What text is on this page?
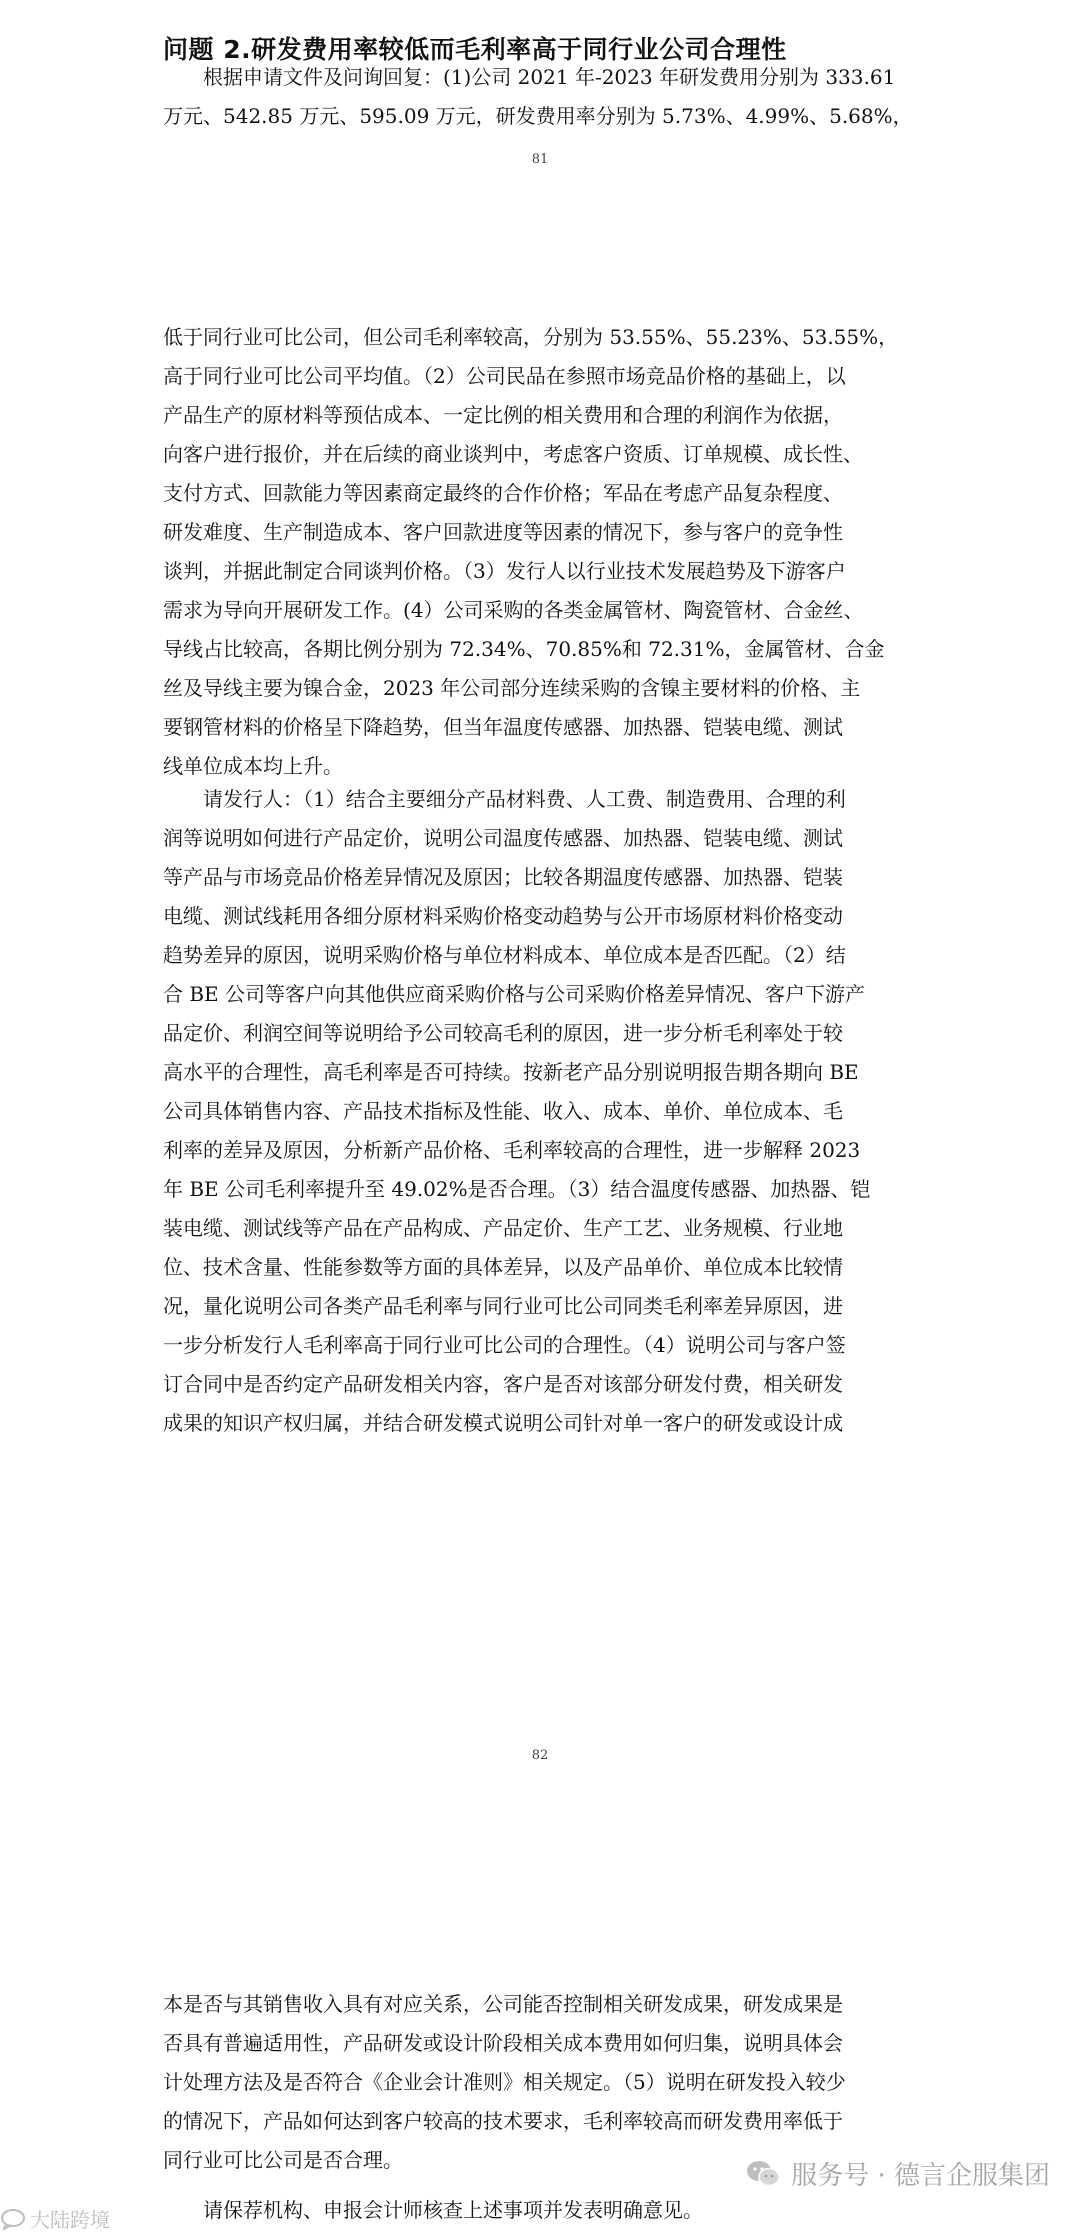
问题 2.研发费用率较低而毛利率高于同行业公司合理性
　　根据申请文件及问询回复：(1)公司 2021 年-2023 年研发费用分别为 333.61
万元、542.85 万元、595.09 万元，研发费用率分别为 5.73%、4.99%、5.68%，
81
低于同行业可比公司，但公司毛利率较高，分别为 53.55%、55.23%、53.55%，
高于同行业可比公司平均值。（2）公司民品在参照市场竞品价格的基础上，以
产品生产的原材料等预估成本、一定比例的相关费用和合理的利润作为依据，
向客户进行报价，并在后续的商业谈判中，考虑客户资质、订单规模、成长性、
支付方式、回款能力等因素商定最终的合作价格；军品在考虑产品复杂程度、
研发难度、生产制造成本、客户回款进度等因素的情况下，参与客户的竞争性
谈判，并据此制定合同谈判价格。（3）发行人以行业技术发展趋势及下游客户
需求为导向开展研发工作。(4）公司采购的各类金属管材、陶瓷管材、合金丝、
导线占比较高，各期比例分别为 72.34%、70.85%和 72.31%，金属管材、合金
丝及导线主要为镍合金，2023 年公司部分连续采购的含镍主要材料的价格、主
要钢管材料的价格呈下降趋势，但当年温度传感器、加热器、铠装电缆、测试
线单位成本均上升。
　　请发行人：（1）结合主要细分产品材料费、人工费、制造费用、合理的利
润等说明如何进行产品定价，说明公司温度传感器、加热器、铠装电缆、测试
等产品与市场竞品价格差异情况及原因；比较各期温度传感器、加热器、铠装
电缆、测试线耗用各细分原材料采购价格变动趋势与公开市场原材料价格变动
趋势差异的原因，说明采购价格与单位材料成本、单位成本是否匹配。（2）结
合 BE 公司等客户向其他供应商采购价格与公司采购价格差异情况、客户下游产
品定价、利润空间等说明给予公司较高毛利的原因，进一步分析毛利率处于较
高水平的合理性，高毛利率是否可持续。按新老产品分别说明报告期各期向 BE
公司具体销售内容、产品技术指标及性能、收入、成本、单价、单位成本、毛
利率的差异及原因，分析新产品价格、毛利率较高的合理性，进一步解释 2023
年 BE 公司毛利率提升至 49.02%是否合理。（3）结合温度传感器、加热器、铠
装电缆、测试线等产品在产品构成、产品定价、生产工艺、业务规模、行业地
位、技术含量、性能参数等方面的具体差异，以及产品单价、单位成本比较情
况，量化说明公司各类产品毛利率与同行业可比公司同类毛利率差异原因，进
一步分析发行人毛利率高于同行业可比公司的合理性。（4）说明公司与客户签
订合同中是否约定产品研发相关内容，客户是否对该部分研发付费，相关研发
成果的知识产权归属，并结合研发模式说明公司针对单一客户的研发或设计成
82
本是否与其销售收入具有对应关系，公司能否控制相关研发成果，研发成果是
否具有普遍适用性，产品研发或设计阶段相关成本费用如何归集，说明具体会
计处理方法及是否符合《企业会计准则》相关规定。（5）说明在研发投入较少
的情况下，产品如何达到客户较高的技术要求，毛利率较高而研发费用率低于
同行业可比公司是否合理。
　　请保荐机构、申报会计师核查上述事项并发表明确意见。
大陆跨境
服务号 · 德言企服集团
